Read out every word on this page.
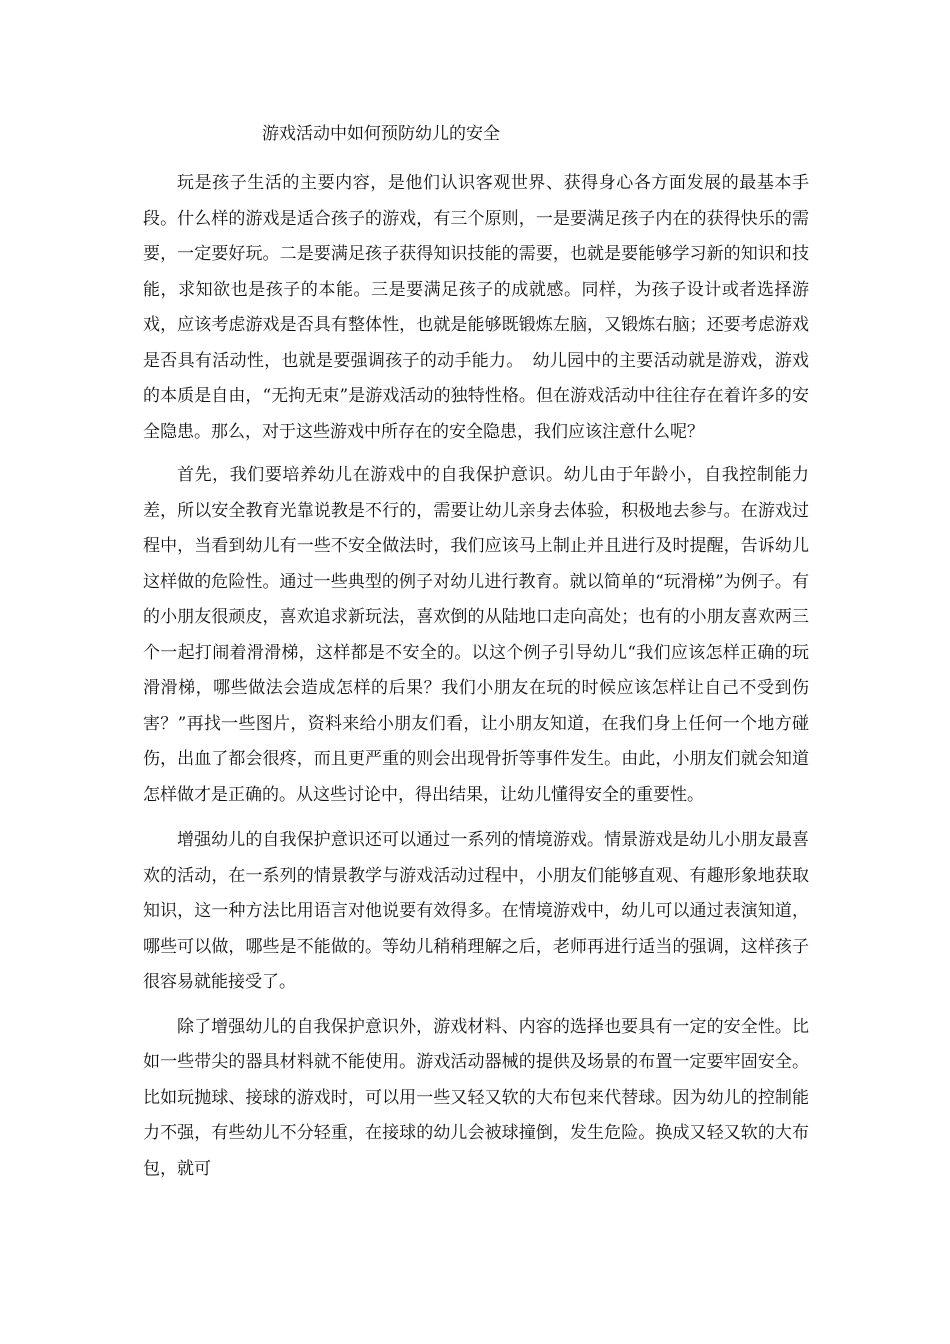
游戏活动中如何预防幼儿的安全

玩是孩子生活的主要内容，是他们认识客观世界、获得身心各方面发展的最基本手段。什么样的游戏是适合孩子的游戏，有三个原则，一是要满足孩子内在的获得快乐的需要，一定要好玩。二是要满足孩子获得知识技能的需要，也就是要能够学习新的知识和技能，求知欲也是孩子的本能。三是要满足孩子的成就感。同样，为孩子设计或者选择游戏，应该考虑游戏是否具有整体性，也就是能够既锻炼左脑，又锻炼右脑；还要考虑游戏是否具有活动性，也就是要强调孩子的动手能力。　幼儿园中的主要活动就是游戏，游戏的本质是自由，“无拘无束”是游戏活动的独特性格。但在游戏活动中往往存在着许多的安全隐患。那么，对于这些游戏中所存在的安全隐患，我们应该注意什么呢？

首先，我们要培养幼儿在游戏中的自我保护意识。幼儿由于年龄小，自我控制能力差，所以安全教育光靠说教是不行的，需要让幼儿亲身去体验，积极地去参与。在游戏过程中，当看到幼儿有一些不安全做法时，我们应该马上制止并且进行及时提醒，告诉幼儿这样做的危险性。通过一些典型的例子对幼儿进行教育。就以简单的“玩滑梯”为例子。有的小朋友很顽皮，喜欢追求新玩法，喜欢倒的从陆地口走向高处；也有的小朋友喜欢两三个一起打闹着滑滑梯，这样都是不安全的。以这个例子引导幼儿“我们应该怎样正确的玩滑滑梯，哪些做法会造成怎样的后果？我们小朋友在玩的时候应该怎样让自己不受到伤害？”再找一些图片，资料来给小朋友们看，让小朋友知道，在我们身上任何一个地方碰伤，出血了都会很疼，而且更严重的则会出现骨折等事件发生。由此，小朋友们就会知道怎样做才是正确的。从这些讨论中，得出结果，让幼儿懂得安全的重要性。

增强幼儿的自我保护意识还可以通过一系列的情境游戏。情景游戏是幼儿小朋友最喜欢的活动，在一系列的情景教学与游戏活动过程中，小朋友们能够直观、有趣形象地获取知识，这一种方法比用语言对他说要有效得多。在情境游戏中，幼儿可以通过表演知道，哪些可以做，哪些是不能做的。等幼儿稍稍理解之后，老师再进行适当的强调，这样孩子很容易就能接受了。

除了增强幼儿的自我保护意识外，游戏材料、内容的选择也要具有一定的安全性。比如一些带尖的器具材料就不能使用。游戏活动器械的提供及场景的布置一定要牢固安全。比如玩抛球、接球的游戏时，可以用一些又轻又软的大布包来代替球。因为幼儿的控制能力不强，有些幼儿不分轻重，在接球的幼儿会被球撞倒，发生危险。换成又轻又软的大布包，就可
